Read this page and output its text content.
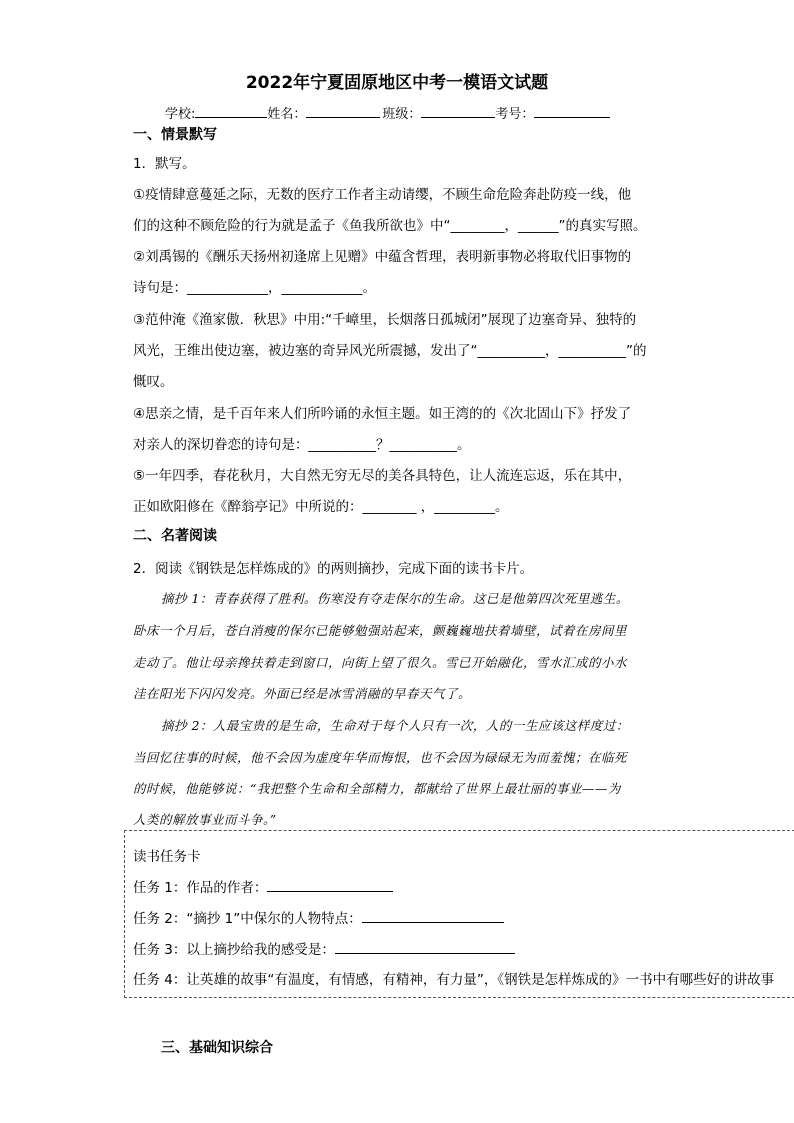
2022年宁夏固原地区中考一模语文试题
学校:	姓名：	班级：	考号：
一、情景默写
1．默写。
①疫情肆意蔓延之际，无数的医疗工作者主动请缨，不顾生命危险奔赴防疫一线，他
们的这种不顾危险的行为就是孟子《鱼我所欲也》中“________，______”的真实写照。
②刘禹锡的《酬乐天扬州初逢席上见赠》中蕴含哲理，表明新事物必将取代旧事物的
诗句是：____________，____________。
③范仲淹《渔家傲．秋思》中用:“千嶂里，长烟落日孤城闭”展现了边塞奇异、独特的
风光，王维出使边塞，被边塞的奇异风光所震撼，发出了“__________，__________”的
慨叹。
④思亲之情，是千百年来人们所吟诵的永恒主题。如王湾的的《次北固山下》抒发了
对亲人的深切眷恋的诗句是：__________？__________。
⑤一年四季，春花秋月，大自然无穷无尽的美各具特色，让人流连忘返，乐在其中，
正如欧阳修在《醉翁亭记》中所说的：________ ，_________。
二、名著阅读
2．阅读《钢铁是怎样炼成的》的两则摘抄，完成下面的读书卡片。
摘抄 1：青春获得了胜利。伤寒没有夺走保尔的生命。这已是他第四次死里逃生。
卧床一个月后，苍白消瘦的保尔已能够勉强站起来，颤巍巍地扶着墙壁，试着在房间里
走动了。他让母亲搀扶着走到窗口，向街上望了很久。雪已开始融化，雪水汇成的小水
洼在阳光下闪闪发亮。外面已经是冰雪消融的早春天气了。
摘抄 2：人最宝贵的是生命，生命对于每个人只有一次，人的一生应该这样度过：
当回忆往事的时候，他不会因为虚度年华而悔恨，也不会因为碌碌无为而羞愧；在临死
的时候，他能够说：“我把整个生命和全部精力，都献给了世界上最壮丽的事业——为
人类的解放事业而斗争。”
读书任务卡
任务 1：作品的作者：
任务 2：“摘抄 1”中保尔的人物特点：
任务 3：以上摘抄给我的感受是：
任务 4：让英雄的故事“有温度，有情感，有精神，有力量”，《钢铁是怎样炼成的》一书中有哪些好的讲故事
三、基础知识综合
